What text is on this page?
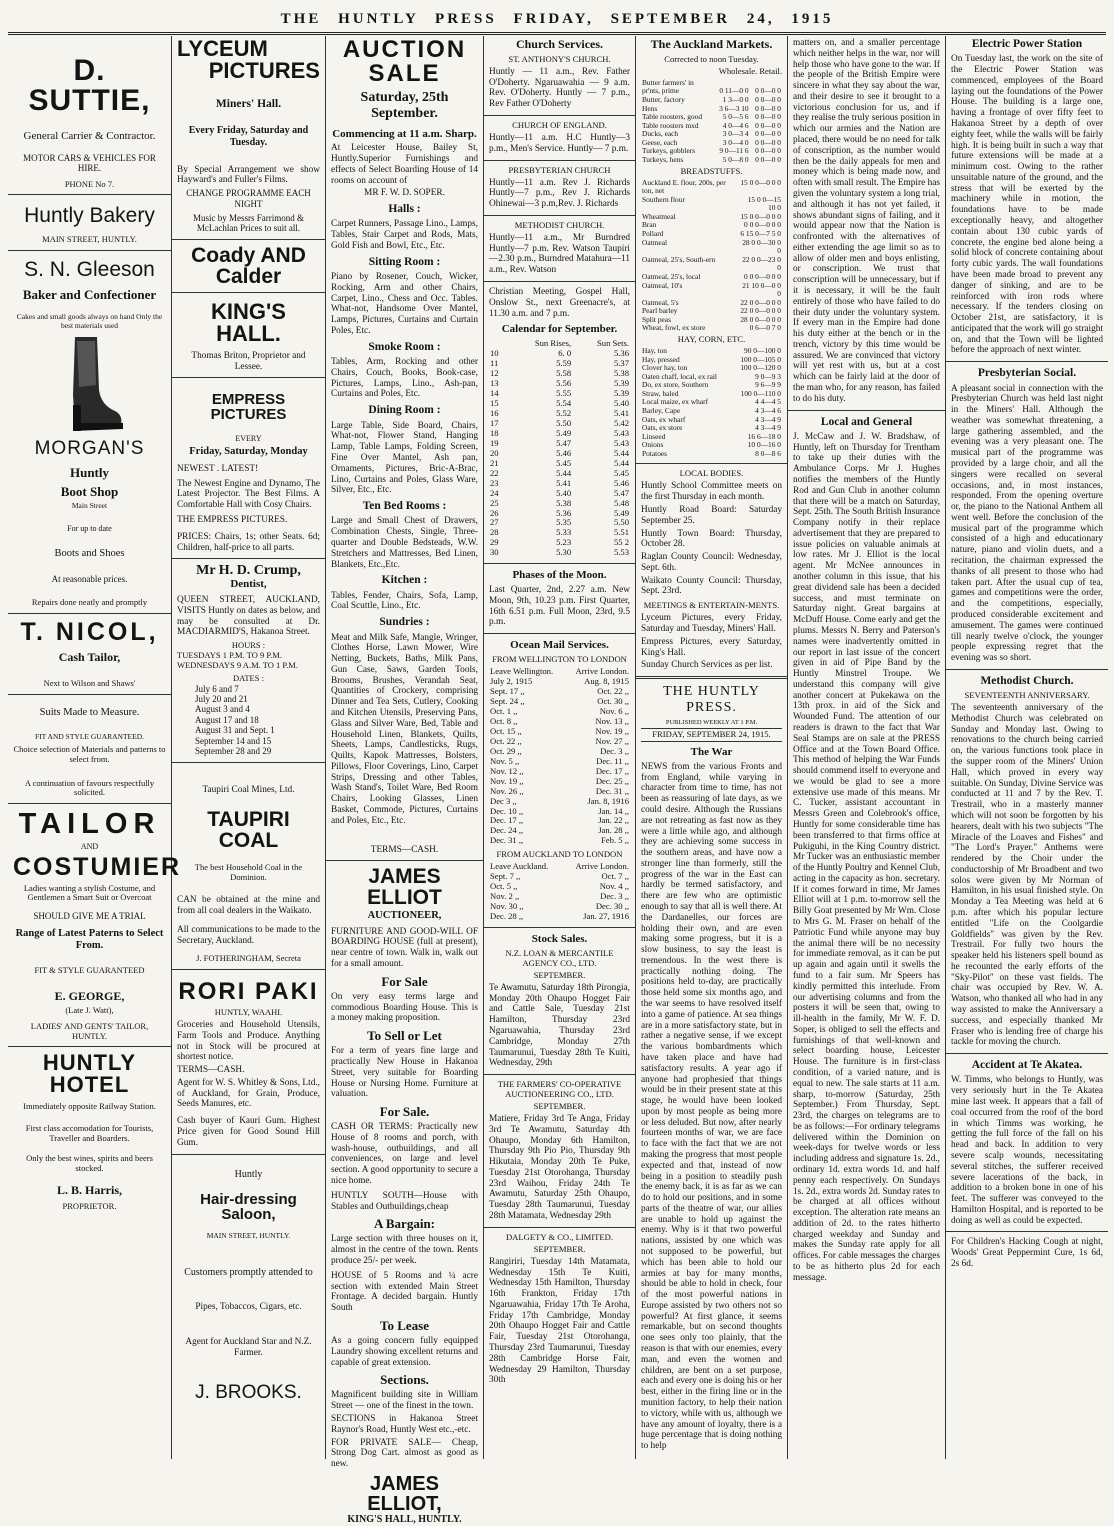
THE HUNTLY PRESS FRIDAY, SEPTEMBER 24, 1915
D. SUTTIE,
General Carrier & Contractor.
MOTOR CARS & VEHICLES FOR HIRE.
PHONE No 7.
Huntly Bakery
MAIN STREET, HUNTLY.
S. N. Gleeson
Baker and Confectioner
Cakes and small goods always on hand Only the best materials used
MORGAN'S
Huntly
Boot Shop
Main Street
For up to date
Boots and Shoes
At reasonable prices.
Repairs done neatly and promptly
T. NICOL,
Cash Tailor,
Next to Wilson and Shaws'
Suits Made to Measure.
FIT AND STYLE GUARANTEED.
Choice selection of Materials and patterns to select from.
A continuation of favours respectfully solicited.
TAILOR
AND
COSTUMIER
Ladies wanting a stylish Costume, and Gentlemen a Smart Suit or Overcoat
SHOULD GIVE ME A TRIAL
Range of Latest Paterns to Select From.
FIT & STYLE GUARANTEED
E. GEORGE,
(Late J. Watt),
LADIES' AND GENTS' TAILOR, HUNTLY.
HUNTLY HOTEL
Immediately opposite Railway Station.
First class accomodation for Tourists, Traveller and Boarders.
Only the best wines, spirits and beers stocked.
L. B. Harris,
PROPRIETOR.
LYCEUM
PICTURES
Miners' Hall.
Every Friday, Saturday and Tuesday.

By Special Arrangement we show Hayward's and Fuller's Films.

CHANGE PROGRAMME EACH NIGHT
Music by Messrs Farrimond & McLachlan Prices to suit all.
Coady AND Calder
KING'S HALL.
Thomas Briton, Proprietor and Lessee.
EMPRESS PICTURES
EVERY
Friday, Saturday, Monday
NEWEST . LATEST!

The Newest Engine and Dynamo, The Latest Projector. The Best Films. A Comfortable Hall with Cosy Chairs.

THE EMPRESS PICTURES.

PRICES: Chairs, 1s; other Seats. 6d; Children, half-price to all parts.

Mr H. D. Crump,
Dentist,

QUEEN STREET, AUCKLAND, VISITS Huntly on dates as below, and may be consulted at Dr. MACDIARMID'S, Hakanoa Street.

HOURS :
TUESDAYS 1 P.M. TO 9 P.M.
WEDNESDAYS 9 A.M. TO 1 P.M.
DATES :
July 6 and 7
July 20 and 21
August 3 and 4
August 17 and 18
August 31 and Sept. 1
September 14 and 15
September 28 and 29
Taupiri Coal Mines, Ltd.
TAUPIRI COAL
The best Household Coal in the Dominion.

CAN be obtained at the mine and from all coal dealers in the Waikato.

All communications to be made to the Secretary, Auckland.

J. FOTHERINGHAM, Secreta
RORI PAKI
HUNTLY, WAAHI.

Groceries and Household Utensils, Farm Tools and Produce. Anything not in Stock will be procured at shortest notice.

TERMS—CASH.

Agent for W. S. Whitley & Sons, Ltd., of Auckland, for Grain, Produce, Seeds Manures, etc.

Cash buyer of Kauri Gum. Highest Price given for Good Sound Hill Gum.

Huntly
Hair-dressing Saloon,
MAIN STREET, HUNTLY.
Customers promptly attended to
Pipes, Tobaccos, Cigars, etc.
Agent for Auckland Star and N.Z. Farmer.
J. BROOKS.
AUCTION SALE
Saturday, 25th September.
Commencing at 11 a.m. Sharp.

At Leicester House, Bailey St, Huntly.Superior Furnishings and effects of Select Boarding House of 14 rooms on account of

MR F. W. D. SOPER.
Halls :

Carpet Runners, Passage Lino., Lamps, Tables, Stair Carpet and Rods, Mats, Gold Fish and Bowl, Etc., Etc.

Sitting Room :

Piano by Rosener, Couch, Wicker, Rocking, Arm and other Chairs, Carpet, Lino., Chess and Occ. Tables. What-not, Handsome Over Mantel, Lamps, Pictures, Curtains and Curtain Poles, Etc.

Smoke Room :

Tables, Arm, Rocking and other Chairs, Couch, Books, Book-case, Pictures, Lamps, Lino., Ash-pan, Curtains and Poles, Etc.

Dining Room :

Large Table, Side Board, Chairs, What-not, Flower Stand, Hanging Lamp, Table Lamps, Folding Screen, Fine Over Mantel, Ash pan, Ornaments, Pictures, Bric-A-Brac, Lino, Curtains and Poles, Glass Ware, Silver, Etc., Etc.

Ten Bed Rooms :

Large and Small Chest of Drawers, Combination Chests, Single, Three-quarter and Double Bedsteads, W.W. Stretchers and Mattresses, Bed Linen, Blankets, Etc.,Etc.

Kitchen :

Tables, Fender, Chairs, Sofa, Lamp, Coal Scuttle, Lino., Etc.

Sundries :

Meat and Milk Safe, Mangle, Wringer, Clothes Horse, Lawn Mower, Wire Netting, Buckets, Baths, Milk Pans, Gun Case, Saws, Garden Tools, Brooms, Brushes, Verandah Seat, Quantities of Crockery, comprising Dinner and Tea Sets, Cutlery, Cooking and Kitchen Utensils, Preserving Pans, Glass and Silver Ware, Bed, Table and Household Linen, Blankets, Quilts, Sheets, Lamps, Candlesticks, Rugs, Quilts, Kapok Mattresses, Bolsters, Pillows, Floor Coverings, Lino, Carpet Strips, Dressing and other Tables, Wash Stand's, Toilet Ware, Bed Room Chairs, Looking Glasses, Linen Basket, Commode, Pictures, Curtains and Poles, Etc., Etc.

TERMS—CASH.
JAMES ELLIOT
AUCTIONEER,

FURNITURE AND GOOD-WILL OF BOARDING HOUSE (full at present), near centre of town. Walk in, walk out for a small amount.

For Sale

On very easy terms large and commodious Boarding House. This is a money making proposition.

To Sell or Let

For a term of years fine large and practically New House in Hakanoa Street, very suitable for Boarding House or Nursing Home. Furniture at valuation.

For Sale.

CASH OR TERMS: Practically new House of 8 rooms and porch, with wash-house, outbuildings, and all conveniences, on large and level section. A good opportunity to secure a nice home.

HUNTLY SOUTH—House with Stables and Outbuildings,cheap

A Bargain:

Large section with three houses on it, almost in the centre of the town. Rents produce 25/- per week.

HOUSE of 5 Rooms and ¼ acre section with extended Main Street Frontage. A decided bargain. Huntly South

To Lease

As a going concern fully equipped Laundry showing excellent returns and capable of great extension.

Sections.

Magnificent building site in William Street — one of the finest in the town.

SECTIONS in Hakanoa Street Raynor's Road, Huntly West etc.,-etc.

FOR PRIVATE SALE— Cheap, Strong Dog Cart. almost as good as new.

JAMES ELLIOT,
KING'S HALL, HUNTLY.
Church Services.
ST. ANTHONY'S CHURCH.

Huntly — 11 a.m., Rev. Father O'Doherty. Ngaruawahia — 9 a.m. Rev. O'Doherty. Huntly — 7 p.m., Rev Father O'Doherty

CHURCH OF ENGLAND.

Huntly—11 a.m. H.C Huntly—3 p.m., Men's Service. Huntly— 7 p.m.

PRESBYTERIAN CHURCH

Huntly—11 a.m. Rev J. Richards Huntly—7 p.m., Rev J. Richards Ohinewai—3 p.m,Rev. J. Richards

METHODIST CHURCH.

Huntly—11 a.m., Mr Burndred Huntly—7 p.m. Rev. Watson Taupiri—2.30 p.m., Burndred Matahura—11 a.m., Rev. Watson

Christian Meeting, Gospel Hall, Onslow St., next Greenacre's, at 11.30 a.m. and 7 p.m.

Calendar for September.
	Sun Rises,	Sun Sets.
10	6. 0	5.36
11	5.59	5.37
12	5.58	5.38
13	5.56	5.39
14	5.55	5.39
15	5.54	5.40
16	5.52	5.41
17	5.50	5.42
18	5.49	5.43
19	5.47	5.43
20	5.46	5.44
21	5.45	5.44
22	5.44	5.45
23	5.41	5.46
24	5.40	5.47
25	5.38	5.48
26	5.36	5.49
27	5.35	5.50
28	5.33	5.51
29	5.23	55 2
30	5.30	5.53
Phases of the Moon.

Last Quarter, 2nd, 2.27 a.m. New Moon, 9th, 10.23 p.m. First Quarter, 16th 6.51 p.m. Full Moon, 23rd, 9.5 p.m.

Ocean Mail Services.
FROM WELLINGTON TO LONDON
Leave Wellington.	Arrive London.
July 2, 1915	Aug. 8, 1915
Sept. 17 ,,	Oct. 22 ,,
Sept. 24 ,,	Oct. 30 ,,
Oct. 1 ,,	Nov. 6 ,,
Oct. 8 ,,	Nov. 13 ,,
Oct. 15 ,,	Nov. 19 ,,
Oct. 22 ,,	Nov. 27 ,,
Oct. 29 ,,	Dec. 3 ,,
Nov. 5 ,,	Dec. 11 ,,
Nov. 12 ,,	Dec. 17 ,,
Nov. 19 ,,	Dec. 25 ,,
Nov. 26 ,,	Dec. 31 ,,
Dec 3 ,,	Jan. 8, 1916
Dec. 10 ,,	Jan. 14 ,,
Dec. 17 ,,	Jan. 22 ,,
Dec. 24 ,,	Jan. 28 ,,
Dec. 31 ,,	Feb. 5 ,,
FROM AUCKLAND TO LONDON
Leave Auckland.	Arrive London.
Sept. 7 ,,	Oct. 7 ,,
Oct. 5 ,,	Nov. 4 ,,
Nov. 2 ,,	Dec. 3 ,,
Nov. 30 ,,	Dec. 30 ,,
Dec. 28 ,,	Jan. 27, 1916
Stock Sales.
N.Z. LOAN & MERCANTILE AGENCY CO., LTD.
SEPTEMBER.

Te Awamutu, Saturday 18th Pirongia, Monday 20th Ohaupo Hogget Fair and Cattle Sale, Tuesday 21st Hamilton, Thursday 23rd Ngaruawahia, Thursday 23rd Cambridge, Monday 27th Taumarunui, Tuesday 28th Te Kuiti, Wednesday, 29th

THE FARMERS' CO-OPERATIVE AUCTIONEERING CO., LTD.
SEPTEMBER.

Matiere, Friday 3rd Te Anga, Friday 3rd Te Awamutu, Saturday 4th Ohaupo, Monday 6th Hamilton, Thursday 9th Pio Pio, Thursday 9th Hikutaia, Monday 20th Te Puke, Tuesday 21st Otorohanga, Thursday 23rd Waihou, Friday 24th Te Awamutu, Saturday 25th Ohaupo, Tuesday 28th Taumarunui, Tuesday 28th Matamata, Wednesday 29th

DALGETY & CO., LIMITED.
SEPTEMBER.

Rangiriri, Tuesday 14th Matamata, Wednesday 15th Te Kuiti, Wednesday 15th Hamilton, Thursday 16th Frankton, Friday 17th Ngaruawahia, Friday 17th Te Aroha, Friday 17th Cambridge, Monday 20th Ohaupo Hogget Fair and Cattle Fair, Tuesday 21st Otorohanga, Thursday 23rd Taumarunui, Tuesday 28th Cambridge Horse Fair, Wednesday 29 Hamilton, Thursday 30th

The Auckland Markets.
Corrected to noon Tuesday.
Wholesale. Retail.
Butter farmers' in		
pr'nts, prime	0 11—0 0	0 0—0 0
Butter, factory	1 3—0 0	0 0—0 0
Hens	3 6—3 10	0 0—0 0
Table roosters, good	5 0—5 6	0 0—0 0
Table roosters mxd	4 0—4 6	0 0—0 0
Ducks, each	3 0—3 4	0 0—0 0
Geese, each	3 0—4 0	0 0—0 0
Turkeys, gobblers	9 0—11 6	0 0—0 0
Turkeys, hens	5 0—8 0	0 0—0 0
BREADSTUFFS.
Auckland E. flour, 200s, per ton, net	15 0 0—0 0 0
Southern flour	15 0 0—15 10 0
Wheatmeal	15 0 0—0 0 0
Bran	0 0 0—0 0 0
Pollard	6 15 0—7 5 0
Oatmeal	28 0 0—30 0 0
Oatmeal, 25's, South-ern	22 0 0—23 0 0
Oatmeal, 25's, local	0 0 0—0 0 0
Oatmeal, 10's	21 10 0—0 0 0
Oatmeal, 5's	22 0 0—0 0 0
Pearl barley	22 0 0—0 0 0
Split peas	28 0 0—0 0 0
Wheat, fowl, ex store	0 6—0 7 0
HAY, CORN, ETC.
Hay, ton	90 0—100 0
Hay, pressed	100 0—105 0
Clover hay, ton	100 0—120 0
Oaten chaff, local, ex rail	9 0—9 3
Do, ex store, Southern	9 6—9 9
Straw, baled	100 0—110 0
Local maize, ex wharf	4 4—4 5
Barley, Cape	4 3—4 6
Oats, ex wharf	4 3—4 9
Oats, ex store	4 3—4 9
Linseed	16 6—18 0
Onions	10 0—16 0
Potatoes	8 0—8 6
LOCAL BODIES.

Huntly School Committee meets on the first Thursday in each month.

Huntly Road Board: Saturday September 25.

Huntly Town Board: Thursday, October 28.

Raglan County Council: Wednesday, Sept. 6th.

Waikato County Council: Thursday, Sept. 23rd.

MEETINGS & ENTERTAIN-MENTS.

Lyceum Pictures, every Friday, Saturday and Tuesday, Miners' Hall.

Empress Pictures, every Saturday, King's Hall.

Sunday Church Services as per list.

THE HUNTLY PRESS.
PUBLISHED WEEKLY AT 1 P.M.
FRIDAY, SEPTEMBER 24, 1915.
The War

NEWS from the various Fronts and from England, while varying in character from time to time, has not been as reassuring of late days, as we could desire. Although the Russians are not retreating as fast now as they were a little while ago, and although they are achieving some success in the southern areas, and have now a stronger line than formerly, still the progress of the war in the East can hardly be termed satisfactory, and there are few who are optimistic enough to say that all is well there. At the Dardanelles, our forces are holding their own, and are even making some progress, but it is a slow business, to say the least is tremendous. In the west there is practically nothing doing. The positions held to-day, are practically those held some six months ago, and the war seems to have resolved itself into a game of patience. At sea things are in a more satisfactory state, but in rather a negative sense, if we except the various bombardments which have taken place and have had satisfactory results. A year ago if anyone had prophesied that things would be in their present state at this stage, he would have been looked upon by most people as being more or less deluded. But now, after nearly fourteen months of war, we are face to face with the fact that we are not making the progress that most people expected and that, instead of now being in a position to steadily push the enemy back, it is as far as we can do to hold our positions, and in some parts of the theatre of war, our allies are unable to hold up against the enemy. Why is it that two powerful nations, assisted by one which was not supposed to be powerful, but which has been able to hold our armies at bay for many months, should be able to hold in check, four of the most powerful nations in Europe assisted by two others not so powerful? At first glance, it seems remarkable, but on second thoughts one sees only too plainly, that the reason is that with our enemies, every man, and even the women and children, are bent on a set purpose, each and every one is doing his or her best, either in the firing line or in the munition factory, to help their nation to victory, while with us, although we have any amount of loyalty, there is a huge percentage that is doing nothing to help

matters on, and a smaller percentage which neither helps in the war, nor will help those who have gone to the war. If the people of the British Empire were sincere in what they say about the war, and their desire to see it brought to a victorious conclusion for us, and if they realise the truly serious position in which our armies and the Nation are placed, there would be no need for talk of conscription, as the number would then be the daily appeals for men and money which is being made now, and often with small result. The Empire has given the voluntary system a long trial, and although it has not yet failed, it shows abundant signs of failing, and it would appear now that the Nation is confronted with the alternatives of either extending the age limit so as to allow of older men and boys enlisting, or conscription. We trust that conscription will be unnecessary, but if it is necessary, it will be the fault entirely of those who have failed to do their duty under the voluntary system. If every man in the Empire had done his duty either at the bench or in the trench, victory by this time would be assured. We are convinced that victory will yet rest with us, but at a cost which can be fairly laid at the door of the man who, for any reason, has failed to do his duty.

Local and General

J. McCaw and J. W. Bradshaw, of Huntly, left on Thursday for Trentham to take up their duties with the Ambulance Corps. Mr J. Hughes notifies the members of the Huntly Rod and Gun Club in another column that there will be a match on Saturday, Sept. 25th. The South British Insurance Company notify in their replace advertisement that they are prepared to issue policies on valuable animals at low rates. Mr J. Elliot is the local agent. Mr McNee announces in another column in this issue, that his great dividend sale has been a decided success, and must terminate on Saturday night. Great bargains at McDuff House. Come early and get the plums. Messrs N. Berry and Paterson's names were inadvertently omitted in our report in last issue of the concert given in aid of Pipe Band by the Huntly Minstrel Troupe. We understand this company will give another concert at Pukekawa on the 13th prox. in aid of the Sick and Wounded Fund. The attention of our readers is drawn to the fact that War Seal Stamps are on sale at the PRESS Office and at the Town Board Office. This method of helping the War Funds should commend itself to everyone and we would be glad to see a more extensive use made of this means. Mr C. Tucker, assistant accountant in Messrs Green and Colebrook's office, Huntly for some considerable time has been transferred to that firms office at Pukiguhi, in the King Country district. Mr Tucker was an enthusiastic member of the Huntly Poultry and Kennel Club, acting in the capacity as hon. secretary. If it comes forward in time, Mr James Elliot will at 1 p.m. to-morrow sell the Billy Goat presented by Mr Wm. Close to Mrs G. M. Fraser on behalf of the Patriotic Fund while anyone may buy the animal there will be no necessity for immediate removal, as it can be put up again and again until it swells the fund to a fair sum. Mr Speers has kindly permitted this interlude. From our advertising columns and from the posters it will be seen that, owing to ill-health in the family, Mr W. F. D. Soper, is obliged to sell the effects and furnishings of that well-known and select boarding house, Leicester House. The furniture is in first-class condition, of a varied nature, and is equal to new. The sale starts at 11 a.m. sharp, to-morrow (Saturday, 25th September.) From Thursday, Sept. 23rd, the charges on telegrams are to be as follows:—For ordinary telegrams delivered within the Dominion on week-days for twelve words or less including address and signature 1s. 2d., ordinary 1d. extra words 1d. and half penny each respectively. On Sundays 1s. 2d., extra words 2d. Sunday rates to be charged at all offices without exception. The alteration rate means an addition of 2d. to the rates hitherto charged weekday and Sunday and makes the Sunday rate apply for all offices. For cable messages the charges to be as hitherto plus 2d for each message.

Electric Power Station

On Tuesday last, the work on the site of the Electric Power Station was commenced, employees of the Board laying out the foundations of the Power House. The building is a large one, having a frontage of over fifty feet to Hakanoa Street by a depth of over eighty feet, while the walls will be fairly high. It is being built in such a way that future extensions will be made at a minimum cost. Owing to the rather unsuitable nature of the ground, and the stress that will be exerted by the machinery while in motion, the foundations have to be made exceptionally heavy, and altogether contain about 130 cubic yards of concrete, the engine bed alone being a solid block of concrete containing about forty cubic yards. The wall foundations have been made broad to prevent any danger of sinking, and are to be reinforced with iron rods where necessary. If the tenders closing on October 21st, are satisfactory, it is anticipated that the work will go straight on, and that the Town will be lighted before the approach of next winter.

Presbyterian Social.

A pleasant social in connection with the Presbyterian Church was held last night in the Miners' Hall. Although the weather was somewhat threatening, a large gathering assembled, and the evening was a very pleasant one. The musical part of the programme was provided by a large choir, and all the singers were recalled on several occasions, and, in most instances, responded. From the opening overture or, the piano to the National Anthem all went well. Before the conclusion of the musical part of the programme which consisted of a high and educationary nature, piano and violin duets, and a recitation, the chairman expressed the thanks of all present to those who had taken part. After the usual cup of tea, games and competitions were the order, and the competitions, especially, produced considerable excitement and amusement. The games were continued till nearly twelve o'clock, the younger people expressing regret that the evening was so short.

Methodist Church.
SEVENTEENTH ANNIVERSARY.

The seventeenth anniversary of the Methodist Church was celebrated on Sunday and Monday last. Owing to renovations to the church being carried on, the various functions took place in the supper room of the Miners' Union Hall, which proved in every way suitable. On Sunday, Divine Service was conducted at 11 and 7 by the Rev. T. Trestrail, who in a masterly manner which will not soon be forgotten by his hearers, dealt with his two subjects "The Miracle of the Loaves and Fishes" and "The Lord's Prayer." Anthems were rendered by the Choir under the conductorship of Mr Broadbent and two solos were given by Mr Norman of Hamilton, in his usual finished style. On Monday a Tea Meeting was held at 6 p.m. after which his popular lecture entitled "Life on the Coolgardie Goldfields" was given by the Rev. Trestrail. For fully two hours the speaker held his listeners spell bound as he recounted the early efforts of the "Sky-Pilot" on these vast fields. The chair was occupied by Rev. W. A. Watson, who thanked all who had in any way assisted to make the Anniversary a success, and especially thanked Mr Fraser who is lending free of charge his tackle for moving the church.

Accident at Te Akatea.

W. Timms, who belongs to Huntly, was very seriously hurt in the Te Akatea mine last week. It appears that a fall of coal occurred from the roof of the bord in which Timms was working, he getting the full force of the fall on his head and back. In addition to very severe scalp wounds, necessitating several stitches, the sufferer received severe lacerations of the back, in addition to a broken bone in one of his feet. The sufferer was conveyed to the Hamilton Hospital, and is reported to be doing as well as could be expected.

For Children's Hacking Cough at night, Woods' Great Peppermint Cure, 1s 6d, 2s 6d.
